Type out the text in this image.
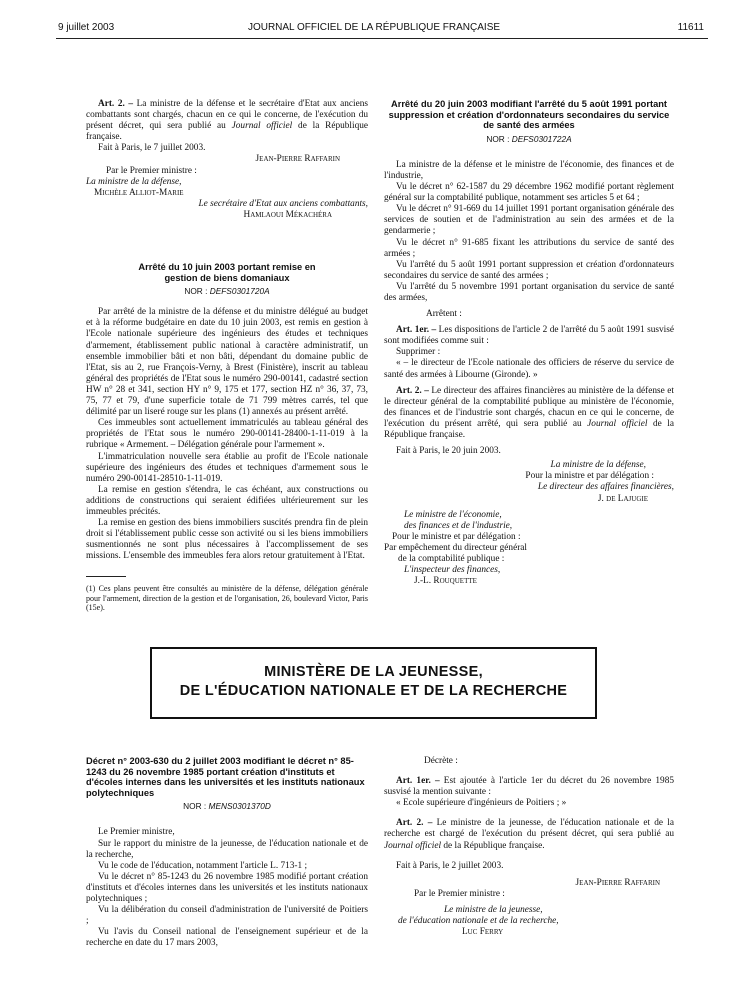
9 juillet 2003	JOURNAL OFFICIEL DE LA RÉPUBLIQUE FRANÇAISE	11611

Art. 2. – La ministre de la défense et le secrétaire d'Etat aux anciens combattants sont chargés, chacun en ce qui le concerne, de l'exécution du présent décret, qui sera publié au Journal officiel de la République française.

Fait à Paris, le 7 juillet 2003.

Jean-Pierre Raffarin

Par le Premier ministre :

La ministre de la défense,

Michèle Alliot-Marie

Le secrétaire d'Etat aux anciens combattants,

Hamlaoui Mékachéra

Arrêté du 10 juin 2003 portant remise en gestion de biens domaniaux
NOR : DEFS0301720A

Par arrêté de la ministre de la défense et du ministre délégué au budget et à la réforme budgétaire en date du 10 juin 2003, est remis en gestion à l'Ecole nationale supérieure des ingénieurs des études et techniques d'armement, établissement public national à caractère administratif, un ensemble immobilier bâti et non bâti, dépendant du domaine public de l'Etat, sis au 2, rue François-Verny, à Brest (Finistère), inscrit au tableau général des propriétés de l'Etat sous le numéro 290-00141, cadastré section HW n° 28 et 341, section HY n° 9, 175 et 177, section HZ n° 36, 37, 73, 75, 77 et 79, d'une superficie totale de 71 799 mètres carrés, tel que délimité par un liseré rouge sur les plans (1) annexés au présent arrêté.

Ces immeubles sont actuellement immatriculés au tableau général des propriétés de l'Etat sous le numéro 290-00141-28400-1-11-019 à la rubrique « Armement. – Délégation générale pour l'armement ».

L'immatriculation nouvelle sera établie au profit de l'Ecole nationale supérieure des ingénieurs des études et techniques d'armement sous le numéro 290-00141-28510-1-11-019.

La remise en gestion s'étendra, le cas échéant, aux constructions ou additions de constructions qui seraient édifiées ultérieurement sur les immeubles précités.

La remise en gestion des biens immobiliers suscités prendra fin de plein droit si l'établissement public cesse son activité ou si les biens immobiliers susmentionnés ne sont plus nécessaires à l'accomplissement de ses missions. L'ensemble des immeubles fera alors retour gratuitement à l'Etat.

(1) Ces plans peuvent être consultés au ministère de la défense, délégation générale pour l'armement, direction de la gestion et de l'organisation, 26, boulevard Victor, Paris (15e).
Arrêté du 20 juin 2003 modifiant l'arrêté du 5 août 1991 portant suppression et création d'ordonnateurs secondaires du service de santé des armées
NOR : DEFS0301722A

La ministre de la défense et le ministre de l'économie, des finances et de l'industrie,

Vu le décret n° 62-1587 du 29 décembre 1962 modifié portant règlement général sur la comptabilité publique, notamment ses articles 5 et 64 ;

Vu le décret n° 91-669 du 14 juillet 1991 portant organisation générale des services de soutien et de l'administration au sein des armées et de la gendarmerie ;

Vu le décret n° 91-685 fixant les attributions du service de santé des armées ;

Vu l'arrêté du 5 août 1991 portant suppression et création d'ordonnateurs secondaires du service de santé des armées ;

Vu l'arrêté du 5 novembre 1991 portant organisation du service de santé des armées,

Arrêtent :

Art. 1er. – Les dispositions de l'article 2 de l'arrêté du 5 août 1991 susvisé sont modifiées comme suit :

Supprimer :

« – le directeur de l'Ecole nationale des officiers de réserve du service de santé des armées à Libourne (Gironde). »

Art. 2. – Le directeur des affaires financières au ministère de la défense et le directeur général de la comptabilité publique au ministère de l'économie, des finances et de l'industrie sont chargés, chacun en ce qui le concerne, de l'exécution du présent arrêté, qui sera publié au Journal officiel de la République française.

Fait à Paris, le 20 juin 2003.

La ministre de la défense,

Pour la ministre et par délégation :

Le directeur des affaires financières,

J. de Lajugie

Le ministre de l'économie,

des finances et de l'industrie,

Pour le ministre et par délégation :

Par empêchement du directeur général

de la comptabilité publique :

L'inspecteur des finances,

J.-L. Rouquette

MINISTÈRE DE LA JEUNESSE,
DE L'ÉDUCATION NATIONALE ET DE LA RECHERCHE
Décret n° 2003-630 du 2 juillet 2003 modifiant le décret n° 85-1243 du 26 novembre 1985 portant création d'instituts et d'écoles internes dans les universités et les instituts nationaux polytechniques
NOR : MENS0301370D

Le Premier ministre,

Sur le rapport du ministre de la jeunesse, de l'éducation nationale et de la recherche,

Vu le code de l'éducation, notamment l'article L. 713-1 ;

Vu le décret n° 85-1243 du 26 novembre 1985 modifié portant création d'instituts et d'écoles internes dans les universités et les instituts nationaux polytechniques ;

Vu la délibération du conseil d'administration de l'université de Poitiers ;

Vu l'avis du Conseil national de l'enseignement supérieur et de la recherche en date du 17 mars 2003,

Décrète :

Art. 1er. – Est ajoutée à l'article 1er du décret du 26 novembre 1985 susvisé la mention suivante :

« Ecole supérieure d'ingénieurs de Poitiers ; »

Art. 2. – Le ministre de la jeunesse, de l'éducation nationale et de la recherche est chargé de l'exécution du présent décret, qui sera publié au Journal officiel de la République française.

Fait à Paris, le 2 juillet 2003.

Jean-Pierre Raffarin

Par le Premier ministre :

Le ministre de la jeunesse,

de l'éducation nationale et de la recherche,

Luc Ferry
